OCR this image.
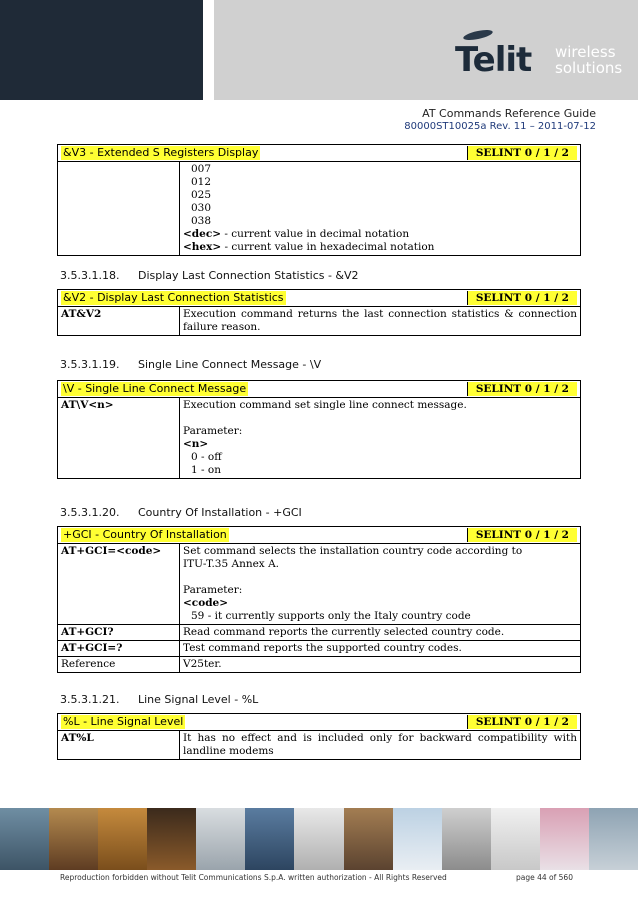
Telit wireless
solutions
AT Commands Reference Guide
80000ST10025a Rev. 11 – 2011-07-12
&V3 - Extended S Registers Display	SELINT 0 / 1 / 2

007
012
025
030
038
<dec> - current value in decimal notation
<hex> - current value in hexadecimal notation
3.5.3.1.18. Display Last Connection Statistics - &V2
&V2 - Display Last Connection Statistics	SELINT 0 / 1 / 2

AT&V2	Execution command returns the last connection statistics & connection failure reason.
3.5.3.1.19. Single Line Connect Message - \V
\V - Single Line Connect Message	SELINT 0 / 1 / 2

AT\V<n>	Execution command set single line connect message.
Parameter:
<n>
0 - off
1 - on
3.5.3.1.20. Country Of Installation - +GCI
+GCI - Country Of Installation SELINT 0 / 1 / 2	

AT+GCI=<code>	Set command selects the installation country code according to
ITU-T.35 Annex A.
Parameter:
<code>
59 - it currently supports only the Italy country code

AT+GCI?	Read command reports the currently selected country code.
AT+GCI=?	Test command reports the supported country codes.
Reference	V25ter.
3.5.3.1.21. Line Signal Level - %L
%L - Line Signal Level	SELINT 0 / 1 / 2

AT%L	It has no effect and is included only for backward compatibility with landline modems
Reproduction forbidden without Telit Communications S.p.A. written authorization - All Rights Reserved	page 44 of 560
